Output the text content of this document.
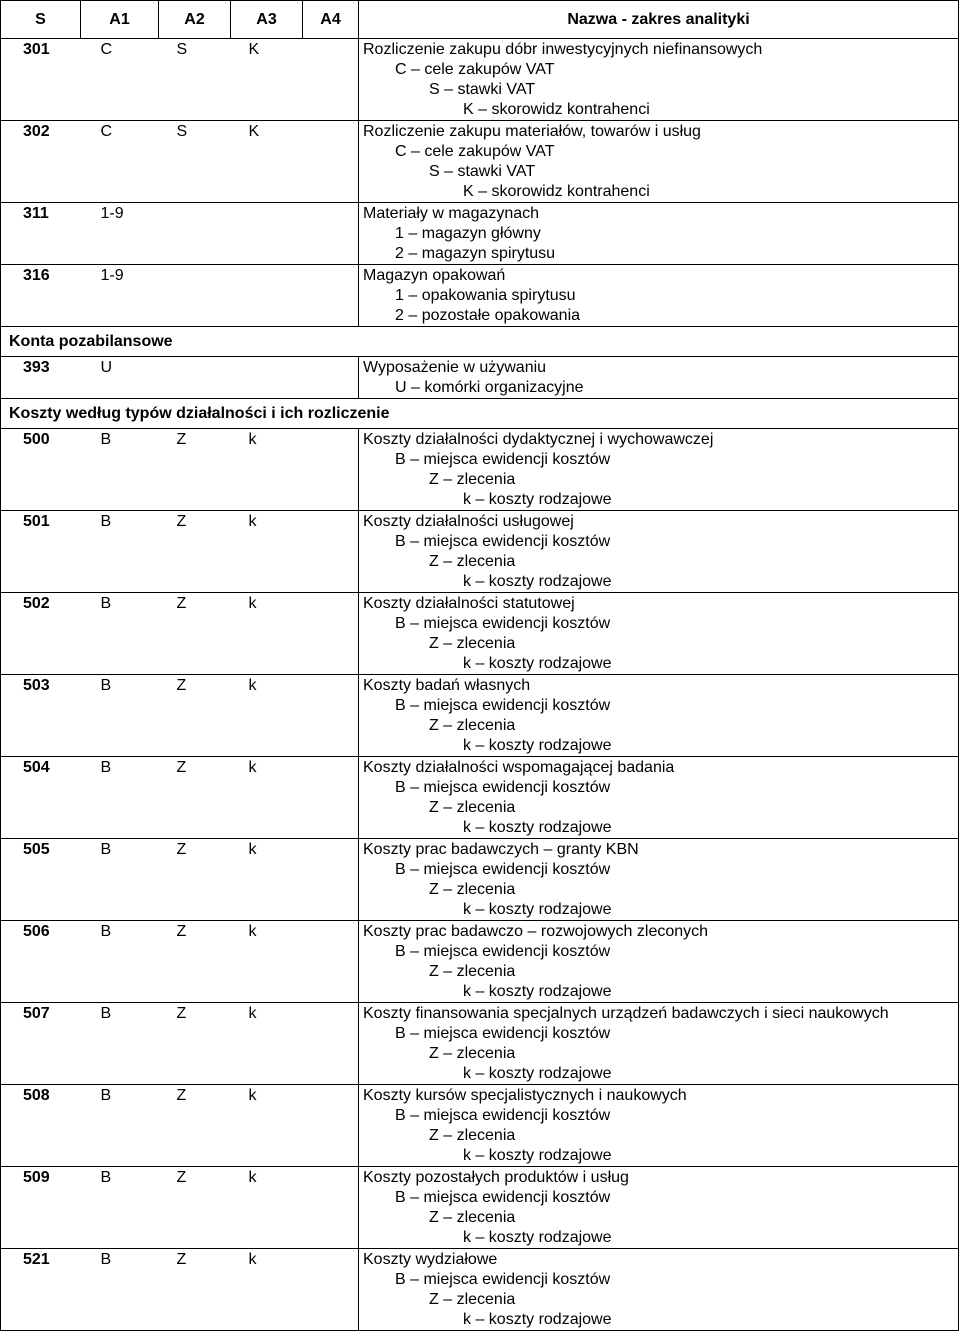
S	A1	A2	A3	A4	Nazwa - zakres analityki
301	C	S	K		Rozliczenie zakupu dóbr inwestycyjnych niefinansowych
C – cele zakupów VAT
S – stawki VAT
K – skorowidz kontrahenci

302	C	S	K		Rozliczenie zakupu materiałów, towarów i usług
C – cele zakupów VAT
S – stawki VAT
K – skorowidz kontrahenci

311	1-9				Materiały w magazynach
1 – magazyn główny
2 – magazyn spirytusu

316	1-9				Magazyn opakowań
1 – opakowania spirytusu
2 – pozostałe opakowania

Konta pozabilansowe					
393	U				Wyposażenie w używaniu
U – komórki organizacyjne

Koszty według typów działalności i ich rozliczenie					
500	B	Z	k		Koszty działalności dydaktycznej i wychowawczej
B – miejsca ewidencji kosztów
Z – zlecenia
k – koszty rodzajowe

501	B	Z	k		Koszty działalności usługowej
B – miejsca ewidencji kosztów
Z – zlecenia
k – koszty rodzajowe

502	B	Z	k		Koszty działalności statutowej
B – miejsca ewidencji kosztów
Z – zlecenia
k – koszty rodzajowe

503	B	Z	k		Koszty badań własnych
B – miejsca ewidencji kosztów
Z – zlecenia
k – koszty rodzajowe

504	B	Z	k		Koszty działalności wspomagającej badania
B – miejsca ewidencji kosztów
Z – zlecenia
k – koszty rodzajowe

505	B	Z	k		Koszty prac badawczych – granty KBN
B – miejsca ewidencji kosztów
Z – zlecenia
k – koszty rodzajowe

506	B	Z	k		Koszty prac badawczo – rozwojowych zleconych
B – miejsca ewidencji kosztów
Z – zlecenia
k – koszty rodzajowe

507	B	Z	k		Koszty finansowania specjalnych urządzeń badawczych i sieci naukowych
B – miejsca ewidencji kosztów
Z – zlecenia
k – koszty rodzajowe

508	B	Z	k		Koszty kursów specjalistycznych i naukowych
B – miejsca ewidencji kosztów
Z – zlecenia
k – koszty rodzajowe

509	B	Z	k		Koszty pozostałych produktów i usług
B – miejsca ewidencji kosztów
Z – zlecenia
k – koszty rodzajowe

521	B	Z	k		Koszty wydziałowe
B – miejsca ewidencji kosztów
Z – zlecenia
k – koszty rodzajowe
